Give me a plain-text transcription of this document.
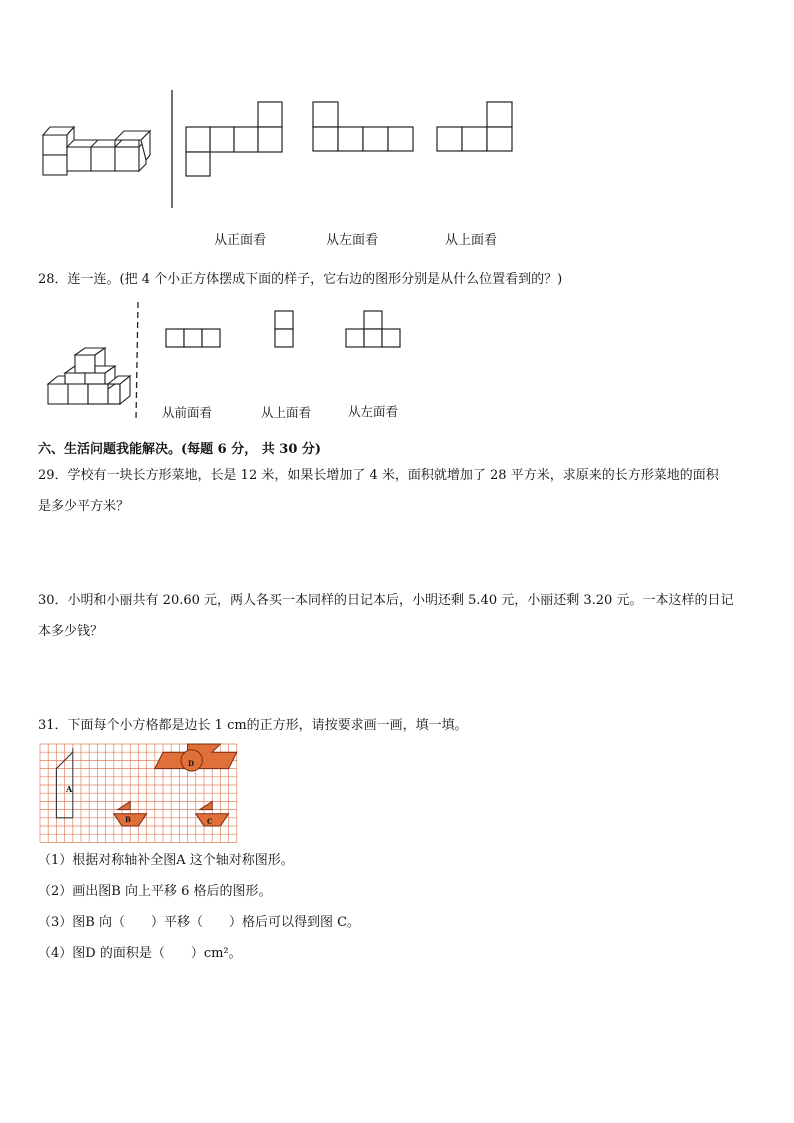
从正面看	从左面看	从上面看
28．连一连。(把 4 个小正方体摆成下面的样子，它右边的图形分别是从什么位置看到的？)
从前面看	从上面看	从左面看
六、生活问题我能解决。(每题 6 分， 共 30 分)
29．学校有一块长方形菜地，长是 12 米，如果长增加了 4 米，面积就增加了 28 平方米，求原来的长方形菜地的面积
是多少平方米？
30．小明和小丽共有 20.60 元，两人各买一本同样的日记本后，小明还剩 5.40 元，小丽还剩 3.20 元。一本这样的日记
本多少钱？
31．下面每个小方格都是边长 1 cm的正方形，请按要求画一画，填一填。
A
B	C
D
（1）根据对称轴补全图A 这个轴对称图形。
（2）画出图B 向上平移 6 格后的图形。
（3）图B 向（　　）平移（　　）格后可以得到图 C。
（4）图D 的面积是（　　）cm²。
